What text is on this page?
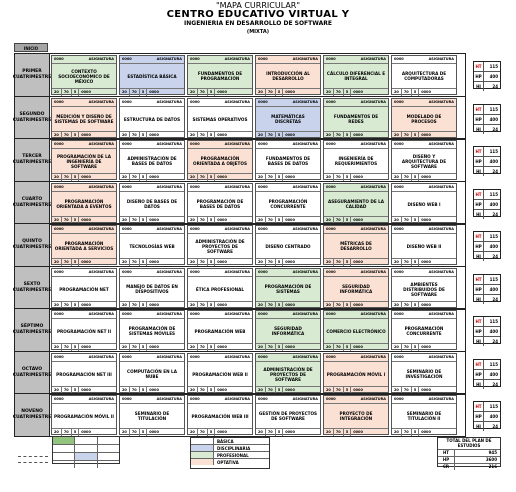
"MAPA CURRICULAR"
CENTRO EDUCATIVO VIRTUAL Y
INGENIERIA EN DESARROLLO DE SOFTWARE
(MIXTA)
INICIO
PRIMER CUATRIMESTRE
0000	ASIGNATURA
CONTEXTO SOCIOECONÓMICO DE MÉXICO
20	70	5	0000
0000	ASIGNATURA
ESTADÍSTICA BÁSICA
20	70	5	0000
0000	ASIGNATURA
FUNDAMENTOS DE PROGRAMACIÓN
20	70	5	0000
0000	ASIGNATURA
INTRODUCCIÓN AL DESARROLLO
20	70	5	0000
0000	ASIGNATURA
CÁLCULO DIFERENCIAL E INTEGRAL
20	70	5	0000
0000	ASIGNATURA
ARQUITECTURA DE COMPUTADORAS
20	70	5	0000
HT	115
HP	400
HI	24
SEGUNDO CUATRIMESTRE
0000	ASIGNATURA
MEDICIÓN Y DISEÑO DE SISTEMAS DE SOFTWARE
20	70	5	0000
0000	ASIGNATURA
ESTRUCTURA DE DATOS
20	70	5	0000
0000	ASIGNATURA
SISTEMAS OPERATIVOS
20	70	5	0000
0000	ASIGNATURA
MATEMÁTICAS DISCRETAS
20	70	5	0000
0000	ASIGNATURA
FUNDAMENTOS DE REDES
20	70	5	0000
0000	ASIGNATURA
MODELADO DE PROCESOS
20	70	5	0000
HT	115
HP	400
HI	24
TERCER CUATRIMESTRE
0000	ASIGNATURA
PROGRAMACIÓN DE LA INGENIERÍA DE SOFTWARE
20	70	5	0000
0000	ASIGNATURA
ADMINISTRACIÓN DE BASES DE DATOS
20	70	5	0000
0000	ASIGNATURA
PROGRAMACIÓN ORIENTADA A OBJETOS
20	70	5	0000
0000	ASIGNATURA
FUNDAMENTOS DE BASES DE DATOS
20	70	5	0000
0000	ASIGNATURA
INGENIERÍA DE REQUERIMIENTOS
20	70	5	0000
0000	ASIGNATURA
DISEÑO Y ARQUITECTURA DE SOFTWARE
20	70	5	0000
HT	115
HP	400
HI	24
CUARTO CUATRIMESTRE
0000	ASIGNATURA
PROGRAMACIÓN ORIENTADA A EVENTOS
20	70	5	0000
0000	ASIGNATURA
DISEÑO DE BASES DE DATOS
20	70	5	0000
0000	ASIGNATURA
PROGRAMACIÓN DE BASES DE DATOS
20	70	5	0000
0000	ASIGNATURA
PROGRAMACIÓN CONCURRENTE
20	70	5	0000
0000	ASIGNATURA
ASEGURAMIENTO DE LA CALIDAD
20	70	5	0000
0000	ASIGNATURA
DISEÑO WEB I
20	70	5	0000
HT	115
HP	400
HI	24
QUINTO CUATRIMESTRE
0000	ASIGNATURA
PROGRAMACIÓN ORIENTADA A SERVICIOS
20	70	5	0000
0000	ASIGNATURA
TECNOLOGÍAS WEB
20	70	5	0000
0000	ASIGNATURA
ADMINISTRACIÓN DE PROYECTOS DE SOFTWARE
20	70	5	0000
0000	ASIGNATURA
DISEÑO CENTRADO
20	70	5	0000
0000	ASIGNATURA
MÉTRICAS DE DESARROLLO
20	70	5	0000
0000	ASIGNATURA
DISEÑO WEB II
20	70	5	0000
HT	115
HP	400
HI	24
SEXTO CUATRIMESTRE
0000	ASIGNATURA
PROGRAMACIÓN NET
20	70	5	0000
0000	ASIGNATURA
MANEJO DE DATOS EN DISPOSITIVOS
20	70	5	0000
0000	ASIGNATURA
ÉTICA PROFESIONAL
20	70	5	0000
0000	ASIGNATURA
PROGRAMACIÓN DE SISTEMAS
20	70	5	0000
0000	ASIGNATURA
SEGURIDAD INFORMÁTICA
20	70	5	0000
0000	ASIGNATURA
AMBIENTES DISTRIBUIDOS DE SOFTWARE
20	70	5	0000
HT	115
HP	400
HI	24
SÉPTIMO CUATRIMESTRE
0000	ASIGNATURA
PROGRAMACIÓN NET II
20	70	5	0000
0000	ASIGNATURA
PROGRAMACIÓN DE SISTEMAS MÓVILES
20	70	5	0000
0000	ASIGNATURA
PROGRAMACIÓN WEB
20	70	5	0000
0000	ASIGNATURA
SEGURIDAD INFORMÁTICA
20	70	5	0000
0000	ASIGNATURA
COMERCIO ELECTRÓNICO
20	70	5	0000
0000	ASIGNATURA
PROGRAMACIÓN CONCURRENTE
20	70	5	0000
HT	115
HP	400
HI	24
OCTAVO CUATRIMESTRE
0000	ASIGNATURA
PROGRAMACIÓN NET III
20	70	5	0000
0000	ASIGNATURA
COMPUTACIÓN EN LA NUBE
20	70	5	0000
0000	ASIGNATURA
PROGRAMACIÓN WEB II
20	70	5	0000
0000	ASIGNATURA
ADMINISTRACIÓN DE PROYECTOS DE SOFTWARE
20	70	5	0000
0000	ASIGNATURA
PROGRAMACIÓN MÓVIL I
20	70	5	0000
0000	ASIGNATURA
SEMINARIO DE INVESTIGACIÓN
20	70	5	0000
HT	115
HP	400
HI	24
NOVENO CUATRIMESTRE
0000	ASIGNATURA
PROGRAMACIÓN MÓVIL II
20	70	5	0000
0000	ASIGNATURA
SEMINARIO DE TITULACIÓN
20	70	5	0000
0000	ASIGNATURA
PROGRAMACIÓN WEB III
20	70	5	0000
0000	ASIGNATURA
GESTIÓN DE PROYECTOS DE SOFTWARE
20	70	5	0000
0000	ASIGNATURA
PROYECTO DE INTEGRACIÓN
20	70	5	0000
0000	ASIGNATURA
SEMINARIO DE TITULACIÓN II
20	70	5	0000
HT	115
HP	400
HI	24
BÁSICA
DISCIPLINARIA
PROFESIONAL
OPTATIVA
TOTAL DEL PLAN DE ESTUDIOS
HT	945
HP	3600
CR	216
